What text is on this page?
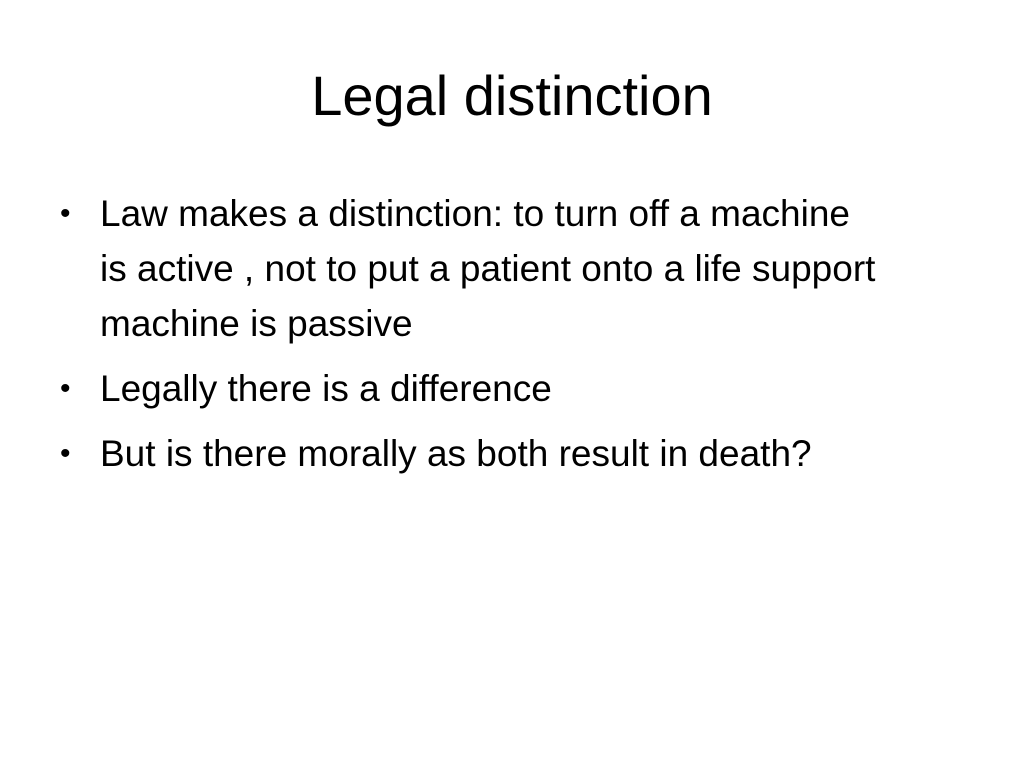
Legal distinction
• Law makes a distinction: to turn off a machine is active , not to put a patient onto a life support machine is passive
• Legally there is a difference
• But is there morally as both result in death?
